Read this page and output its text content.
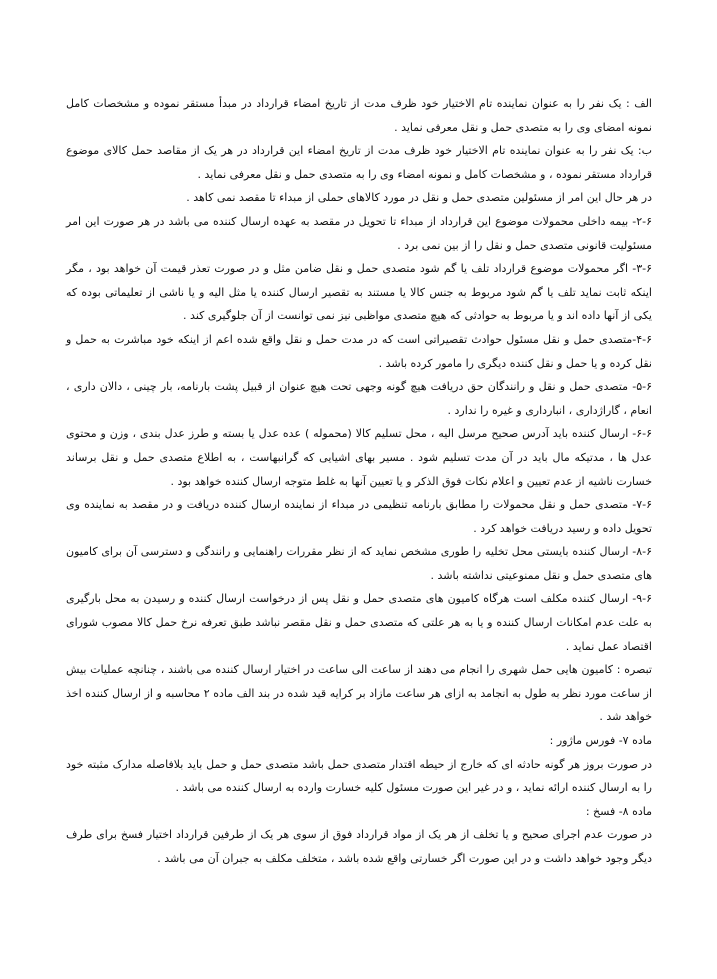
الف : یک نفر را به عنوان نماینده تام الاختیار خود ظرف مدت از تاریخ امضاء قرارداد در مبدأ مستقر نموده و مشخصات کامل نمونه امضای وی را به متصدی حمل و نقل معرفی نماید .

ب: یک نفر را به عنوان نماینده تام الاختیار خود ظرف مدت از تاریخ امضاء این قرارداد در هر یک از مقاصد حمل کالای موضوع قرارداد مستقر نموده ، و مشخصات کامل و نمونه امضاء وی را به متصدی حمل و نقل معرفی نماید .

در هر حال این امر از مسئولین متصدی حمل و نقل در مورد کالاهای حملی از مبداء تا مقصد نمی کاهد .

۲-۶- بیمه داخلی محمولات موضوع این قرارداد از مبداء تا تحویل در مقصد به عهده ارسال کننده می باشد در هر صورت این امر مسئولیت قانونی متصدی حمل و نقل را از بین نمی برد .

۳-۶- اگر محمولات موضوع قرارداد تلف یا گم شود متصدی حمل و نقل ضامن مثل و در صورت تعذر قیمت آن خواهد بود ، مگر اینکه ثابت نماید تلف یا گم شود مربوط به جنس کالا یا مستند به تقصیر ارسال کننده یا مثل الیه و یا ناشی از تعلیماتی بوده که یکی از آنها داده اند و یا مربوط به حوادثی که هیچ متصدی مواظبی نیز نمی توانست از آن جلوگیری کند .

۴-۶-متصدی حمل و نقل مسئول حوادث تقصیراتی است که در مدت حمل و نقل واقع شده اعم از اینکه خود مباشرت به حمل و نقل کرده و یا حمل و نقل کننده دیگری را مامور کرده باشد .

۵-۶- متصدی حمل و نقل و رانندگان حق دریافت هیچ گونه وجهی تحت هیچ عنوان از قبیل پشت بارنامه، بار چینی ، دالان داری ، انعام ، گاراژداری ، انبارداری و غیره را ندارد .

۶-۶- ارسال کننده باید آدرس صحیح مرسل الیه ، محل تسلیم کالا (محموله ) عده عدل یا بسته و طرز عدل بندی ، وزن و محتوی عدل ها ، مدتیکه مال باید در آن مدت تسلیم شود . مسیر بهای اشیایی که گرانبهاست ، به اطلاع متصدی حمل و نقل برساند خسارت ناشیه از عدم تعیین و اعلام نکات فوق الذکر و یا تعیین آنها به غلط متوجه ارسال کننده خواهد بود .

۷-۶- متصدی حمل و نقل محمولات را مطابق بارنامه تنظیمی در مبداء از نماینده ارسال کننده دریافت و در مقصد به نماینده وی تحویل داده و رسید دریافت خواهد کرد .

۸-۶- ارسال کننده بایستی محل تخلیه را طوری مشخص نماید که از نظر مقررات راهنمایی و رانندگی و دسترسی آن برای کامیون های متصدی حمل و نقل ممنوعیتی نداشته باشد .

۹-۶- ارسال کننده مکلف است هرگاه کامیون های متصدی حمل و نقل پس از درخواست ارسال کننده و رسیدن به محل بارگیری به علت عدم امکانات ارسال کننده و یا به هر علتی که متصدی حمل و نقل مقصر نباشد طبق تعرفه نرخ حمل کالا مصوب شورای اقتصاد عمل نماید .

تبصره : کامیون هایی حمل شهری را انجام می دهند از ساعت الی ساعت در اختیار ارسال کننده می باشند ، چنانچه عملیات بیش از ساعت مورد نظر به طول به انجامد به ازای هر ساعت مازاد بر کرایه قید شده در بند الف ماده ۲ محاسبه و از ارسال کننده اخذ خواهد شد .

ماده ۷- فورس ماژور :

در صورت بروز هر گونه حادثه ای که خارج از حیطه اقتدار متصدی حمل باشد متصدی حمل و حمل باید بلافاصله مدارک مثبته خود را به ارسال کننده ارائه نماید ، و در غیر این صورت مسئول کلیه خسارت وارده به ارسال کننده می باشد .

ماده ۸- فسخ :

در صورت عدم اجرای صحیح و یا تخلف از هر یک از مواد قرارداد فوق از سوی هر یک از طرفین قرارداد اختیار فسخ برای طرف دیگر وجود خواهد داشت و در این صورت اگر خسارتی واقع شده باشد ، متخلف مکلف به جبران آن می باشد .
